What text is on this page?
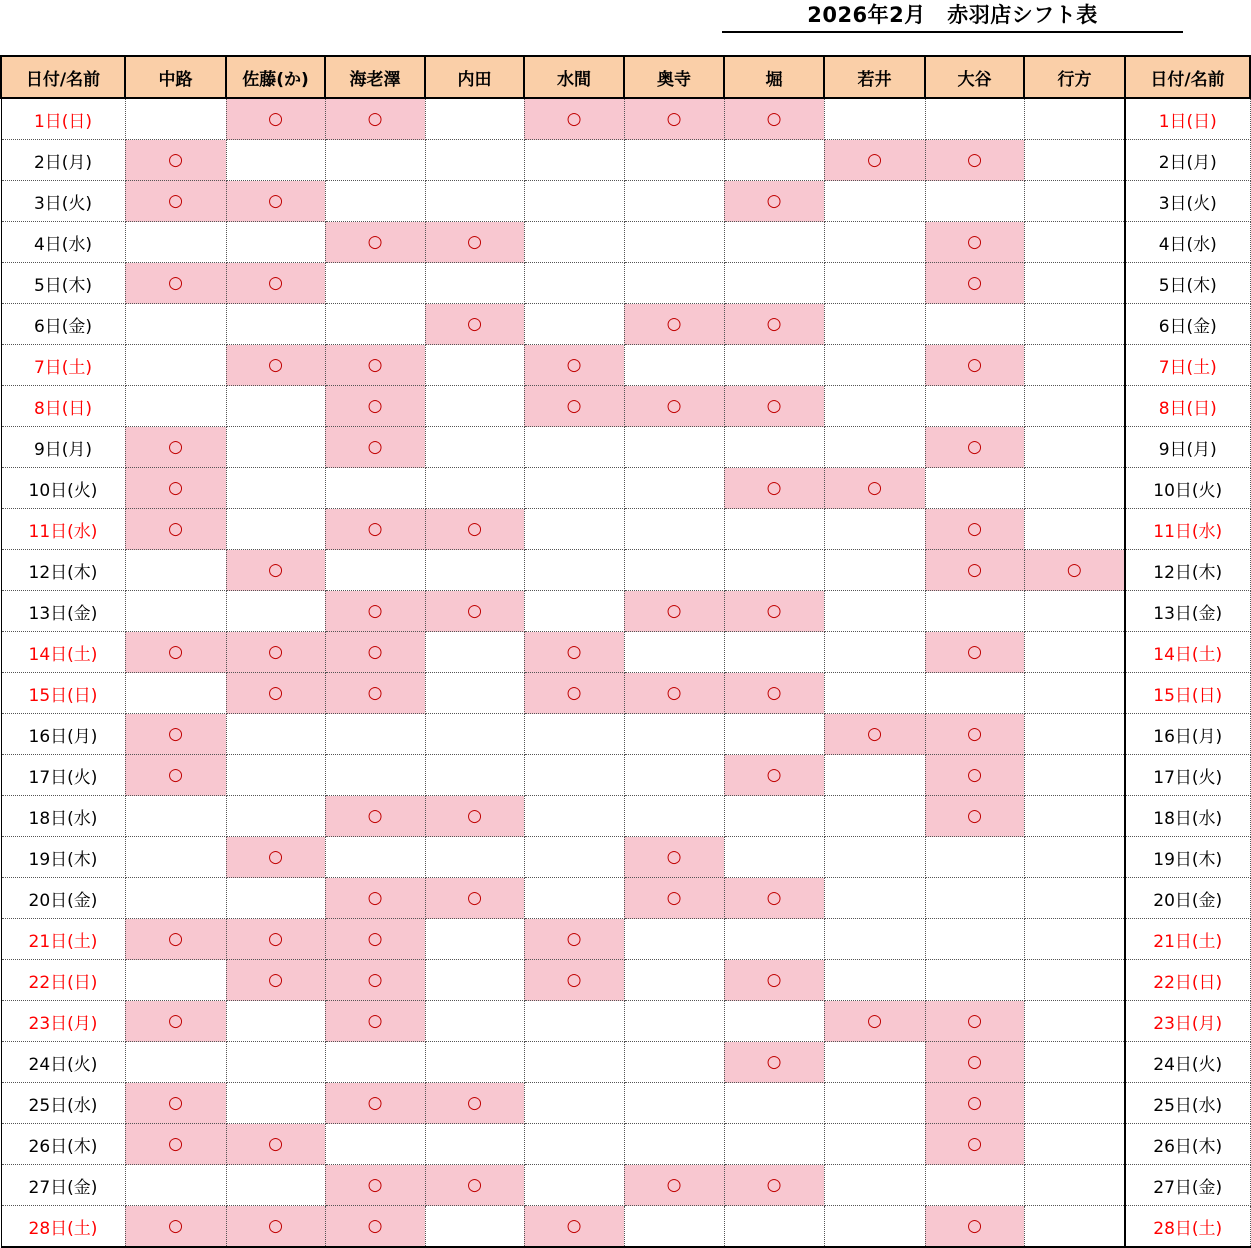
2026年2月　赤羽店シフト表
日付/名前	中路	佐藤(か)	海老澤	内田	水間	奥寺	堀	若井	大谷	行方	日付/名前
1日(日)		○	○		○	○	○				1日(日)
2日(月)	○							○	○		2日(月)
3日(火)	○	○					○				3日(火)
4日(水)			○	○					○		4日(水)
5日(木)	○	○							○		5日(木)
6日(金)				○		○	○				6日(金)
7日(土)		○	○		○				○		7日(土)
8日(日)			○		○	○	○				8日(日)
9日(月)	○		○						○		9日(月)
10日(火)	○						○	○			10日(火)
11日(水)	○		○	○					○		11日(水)
12日(木)		○							○	○	12日(木)
13日(金)			○	○		○	○				13日(金)
14日(土)	○	○	○		○				○		14日(土)
15日(日)		○	○		○	○	○				15日(日)
16日(月)	○							○	○		16日(月)
17日(火)	○						○		○		17日(火)
18日(水)			○	○					○		18日(水)
19日(木)		○				○					19日(木)
20日(金)			○	○		○	○				20日(金)
21日(土)	○	○	○		○						21日(土)
22日(日)		○	○		○		○				22日(日)
23日(月)	○		○					○	○		23日(月)
24日(火)							○		○		24日(火)
25日(水)	○		○	○					○		25日(水)
26日(木)	○	○							○		26日(木)
27日(金)			○	○		○	○				27日(金)
28日(土)	○	○	○		○				○		28日(土)
